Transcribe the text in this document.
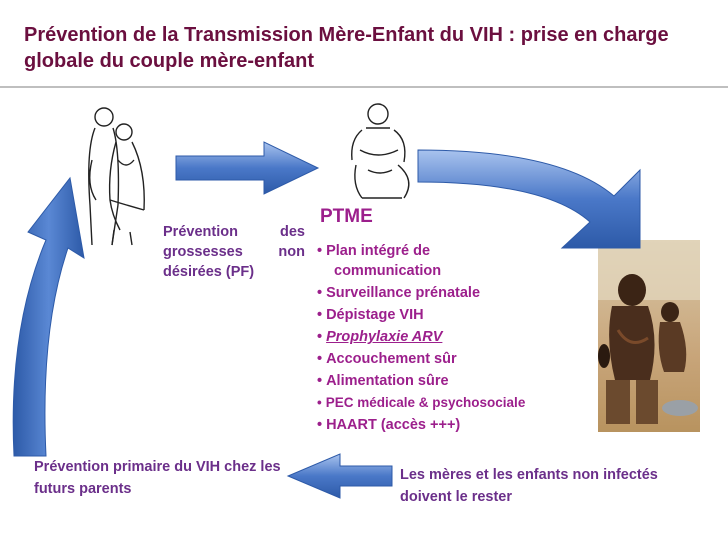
Prévention de la Transmission Mère-Enfant du VIH : prise en charge globale du couple mère-enfant
Prévention des grossesses non désirées (PF)
PTME
• Plan intégré de
communication
• Surveillance prénatale
• Dépistage VIH
• Prophylaxie ARV
• Accouchement sûr
• Alimentation sûre
• PEC médicale & psychosociale
• HAART (accès +++)
Prévention primaire du VIH chez les futurs parents
Les mères et les enfants non infectés doivent le rester
